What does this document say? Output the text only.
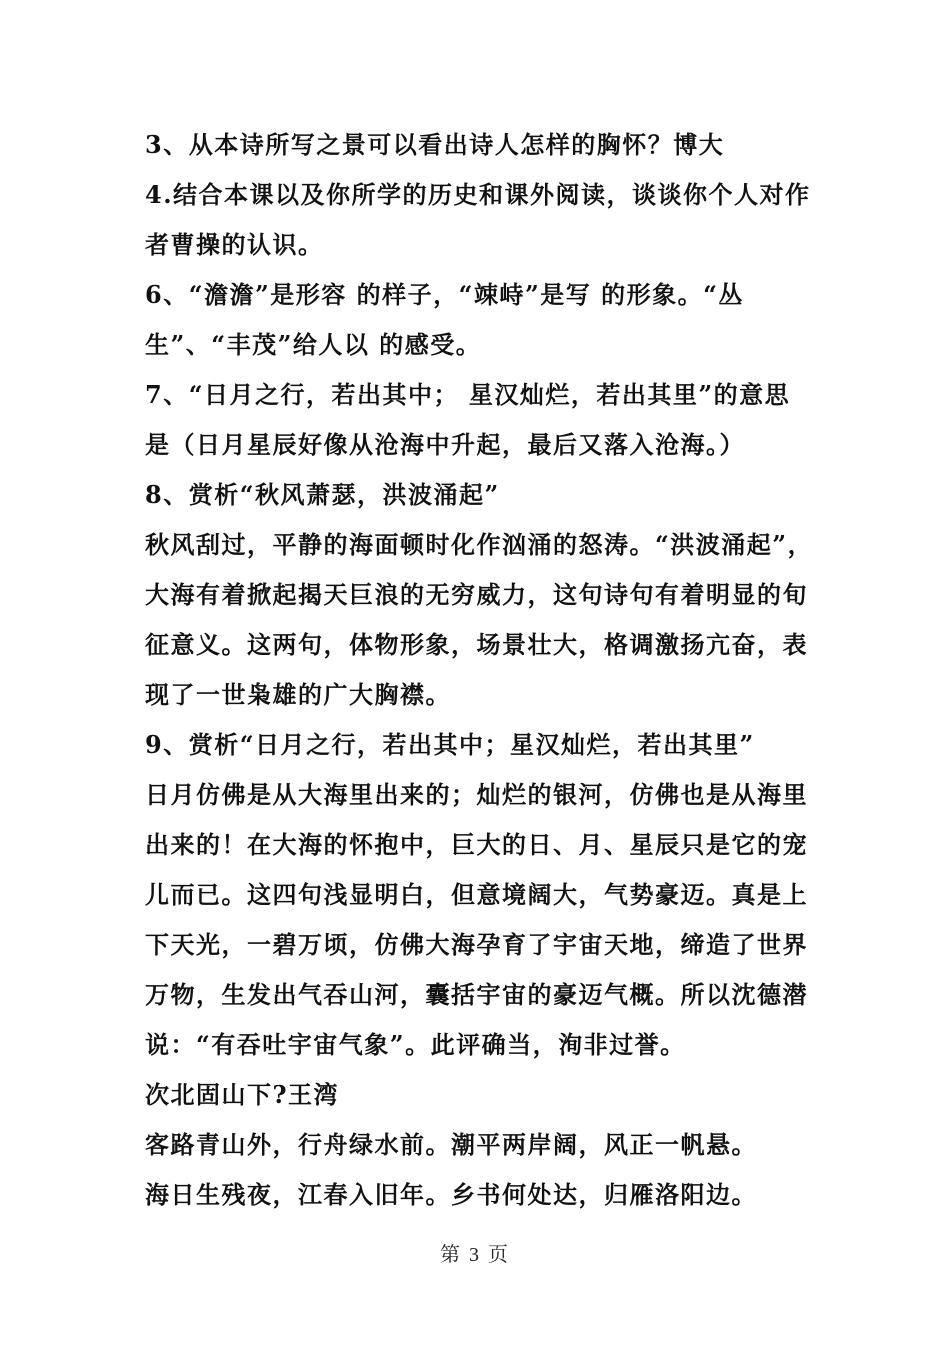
3、从本诗所写之景可以看出诗人怎样的胸怀？博大
4.结合本课以及你所学的历史和课外阅读，谈谈你个人对作
者曹操的认识。
6、“澹澹”是形容 的样子，“竦峙”是写 的形象。“丛
生”、“丰茂”给人以 的感受。
7、“日月之行，若出其中； 星汉灿烂，若出其里”的意思
是（日月星辰好像从沧海中升起，最后又落入沧海。）
8、赏析“秋风萧瑟，洪波涌起”
秋风刮过，平静的海面顿时化作汹涌的怒涛。“洪波涌起”，
大海有着掀起揭天巨浪的无穷威力，这句诗句有着明显的旬
征意义。这两句，体物形象，场景壮大，格调激扬亢奋，表
现了一世枭雄的广大胸襟。
9、赏析“日月之行，若出其中；星汉灿烂，若出其里”
日月仿佛是从大海里出来的；灿烂的银河，仿佛也是从海里
出来的！在大海的怀抱中，巨大的日、月、星辰只是它的宠
儿而已。这四句浅显明白，但意境阔大，气势豪迈。真是上
下天光，一碧万顷，仿佛大海孕育了宇宙天地，缔造了世界
万物，生发出气吞山河，囊括宇宙的豪迈气概。所以沈德潜
说：“有吞吐宇宙气象”。此评确当，洵非过誉。
次北固山下?王湾
客路青山外，行舟绿水前。潮平两岸阔，风正一帆悬。
海日生残夜，江春入旧年。乡书何处达，归雁洛阳边。
第 3 页
